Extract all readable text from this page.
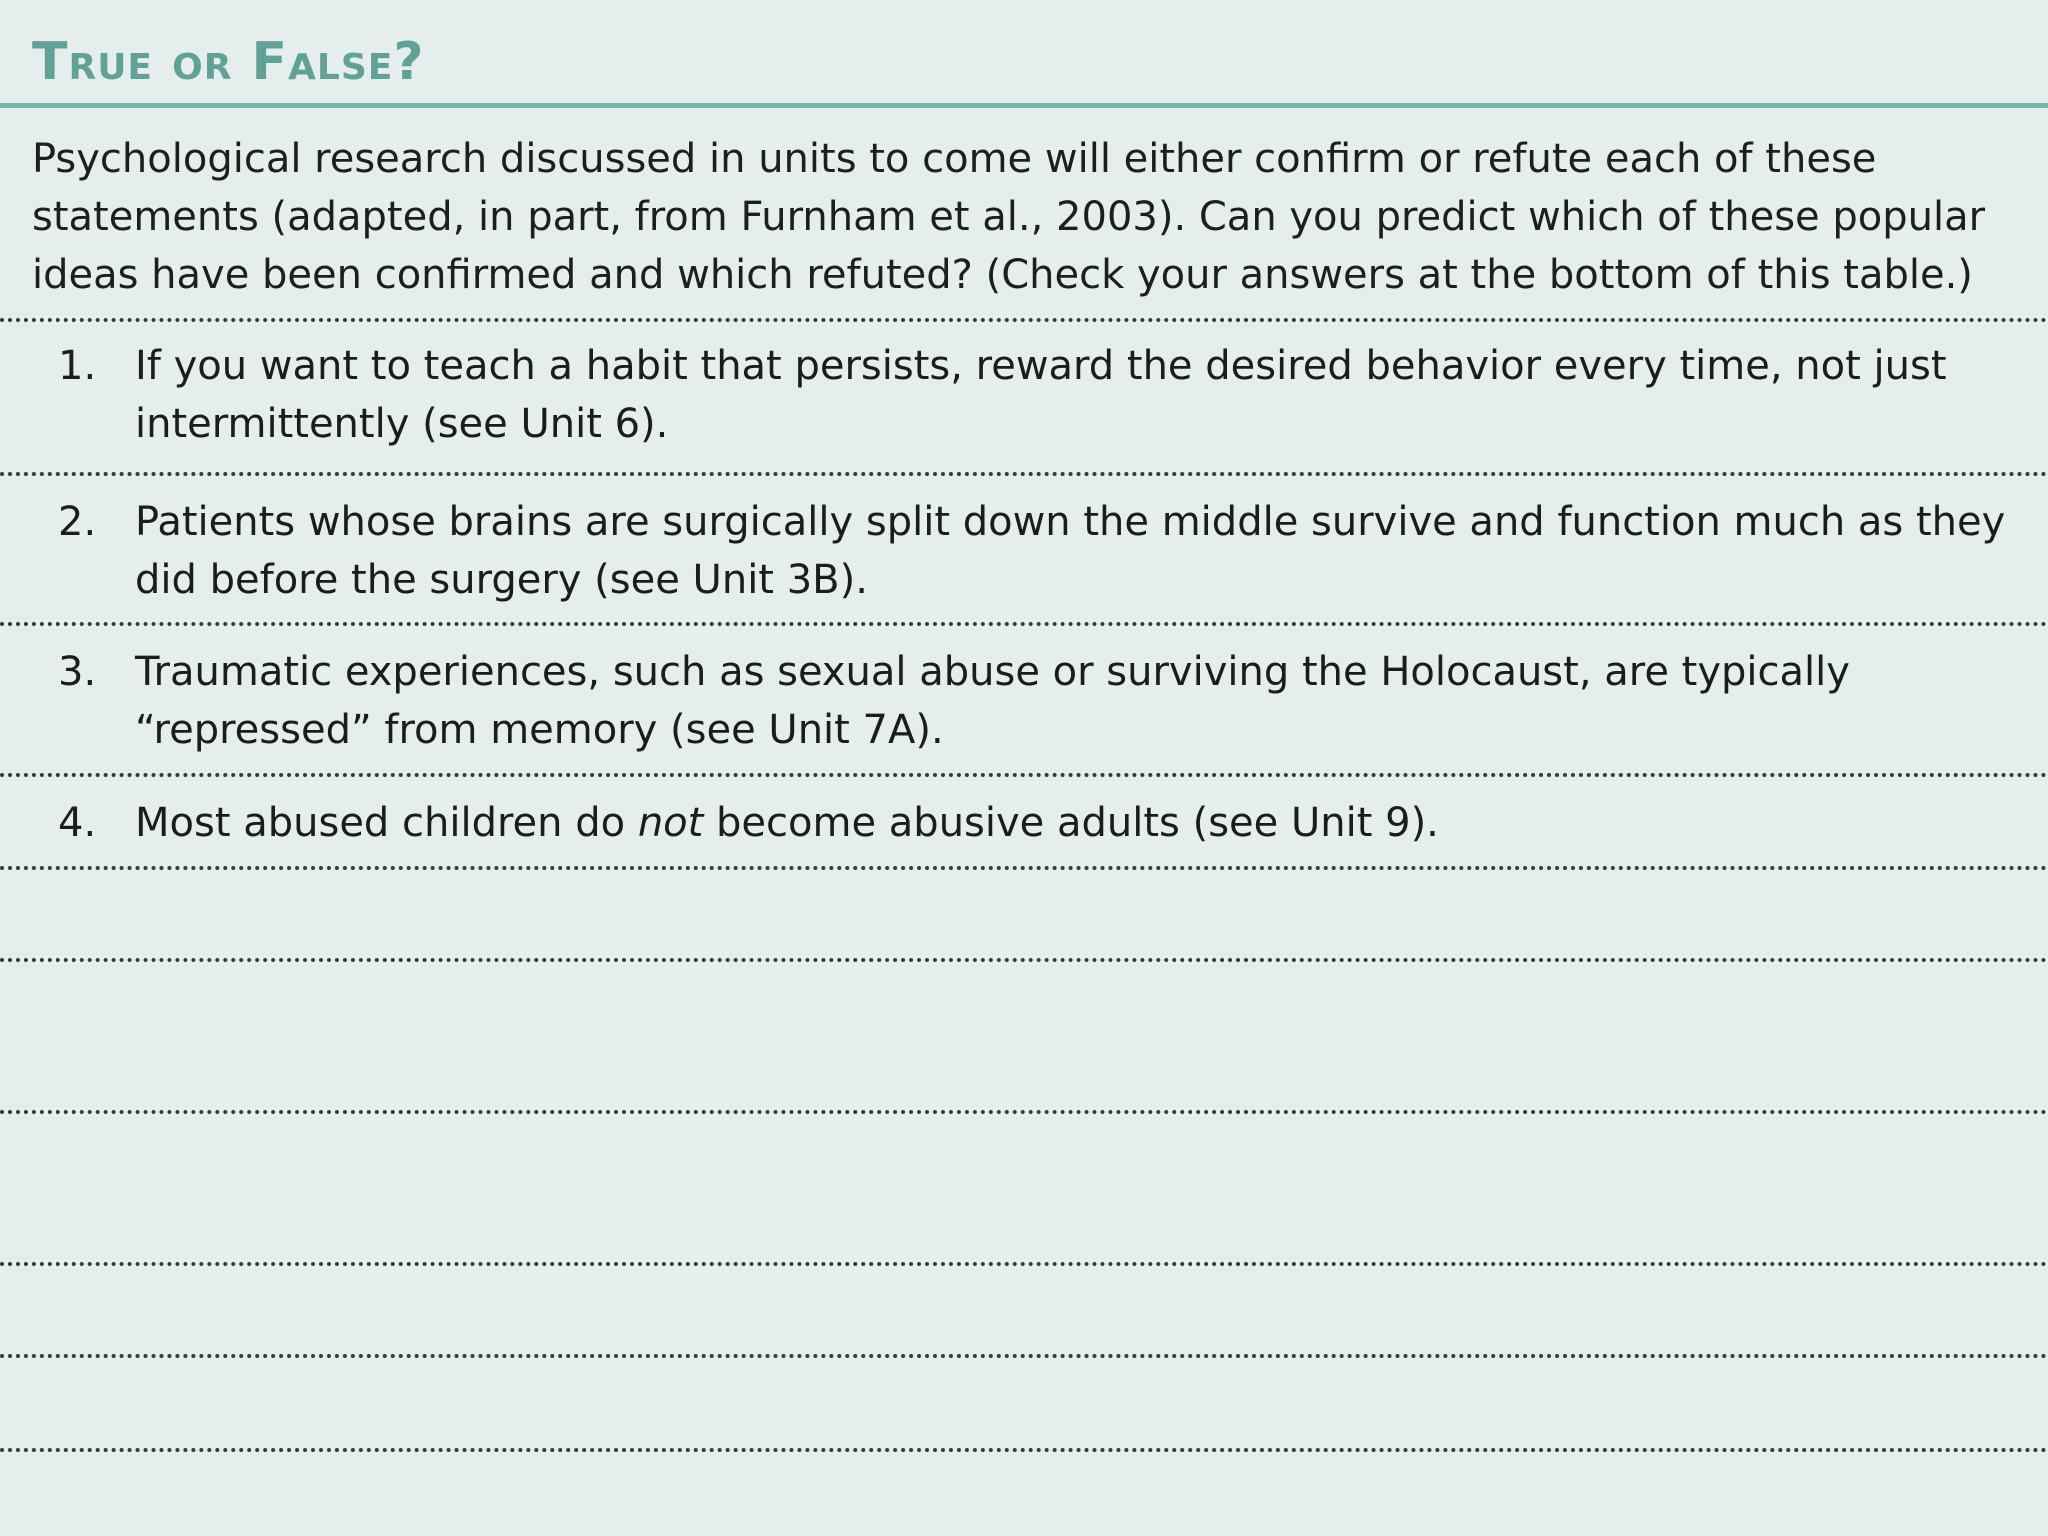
True or False?

Psychological research discussed in units to come will either confirm or refute each of these statements (adapted, in part, from Furnham et al., 2003). Can you predict which of these popular ideas have been confirmed and which refuted? (Check your answers at the bottom of this table.)

1. If you want to teach a habit that persists, reward the desired behavior every time, not just intermittently (see Unit 6).
2. Patients whose brains are surgically split down the middle survive and function much as they did before the surgery (see Unit 3B).
3. Traumatic experiences, such as sexual abuse or surviving the Holocaust, are typically “repressed” from memory (see Unit 7A).
4. Most abused children do not become abusive adults (see Unit 9).
